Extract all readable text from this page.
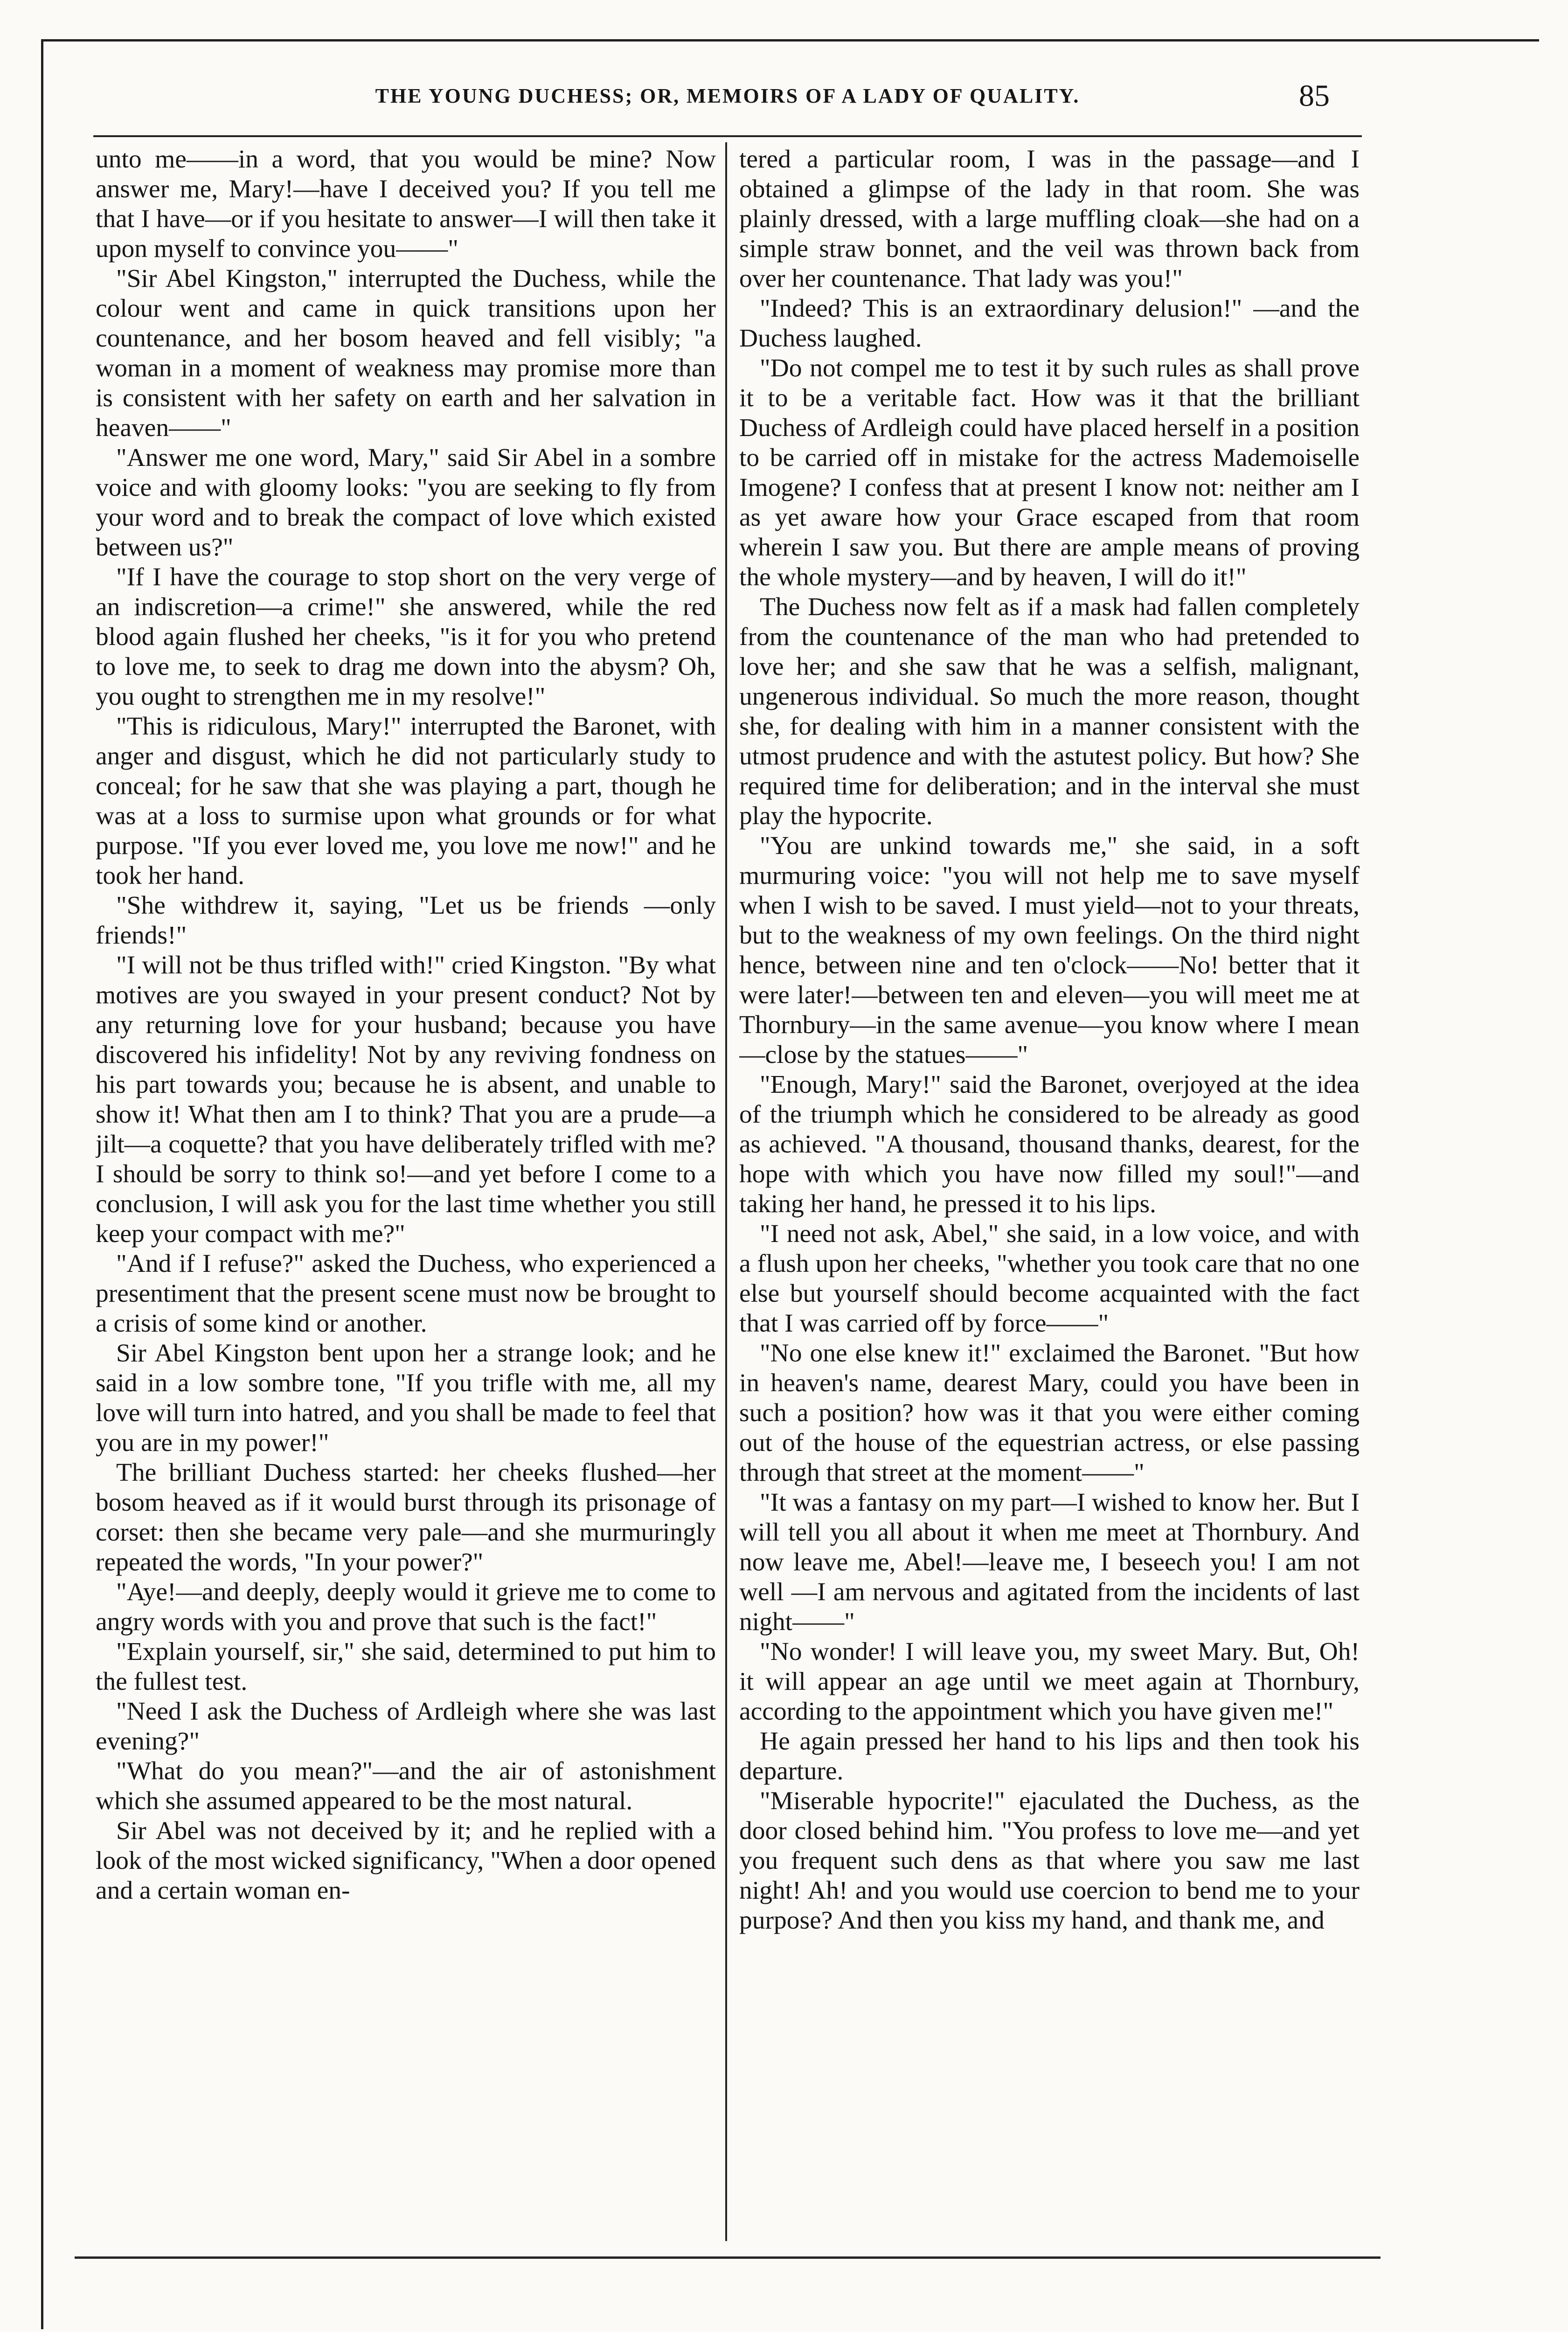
THE YOUNG DUCHESS; OR, MEMOIRS OF A LADY OF QUALITY.	85

unto me——in a word, that you would be mine? Now answer me, Mary!—have I deceived you? If you tell me that I have—or if you hesitate to answer—I will then take it upon myself to convince you——"

"Sir Abel Kingston," interrupted the Duchess, while the colour went and came in quick transitions upon her countenance, and her bosom heaved and fell visibly; "a woman in a moment of weakness may promise more than is consistent with her safety on earth and her salvation in heaven——"

"Answer me one word, Mary," said Sir Abel in a sombre voice and with gloomy looks: "you are seeking to fly from your word and to break the compact of love which existed between us?"

"If I have the courage to stop short on the very verge of an indiscretion—a crime!" she answered, while the red blood again flushed her cheeks, "is it for you who pretend to love me, to seek to drag me down into the abysm? Oh, you ought to strengthen me in my resolve!"

"This is ridiculous, Mary!" interrupted the Baronet, with anger and disgust, which he did not particularly study to conceal; for he saw that she was playing a part, though he was at a loss to surmise upon what grounds or for what purpose. "If you ever loved me, you love me now!" and he took her hand.

"She withdrew it, saying, "Let us be friends —only friends!"

"I will not be thus trifled with!" cried Kingston. "By what motives are you swayed in your present conduct? Not by any returning love for your husband; because you have discovered his infidelity! Not by any reviving fondness on his part towards you; because he is absent, and unable to show it! What then am I to think? That you are a prude—a jilt—a coquette? that you have deliberately trifled with me? I should be sorry to think so!—and yet before I come to a conclusion, I will ask you for the last time whether you still keep your compact with me?"

"And if I refuse?" asked the Duchess, who experienced a presentiment that the present scene must now be brought to a crisis of some kind or another.

Sir Abel Kingston bent upon her a strange look; and he said in a low sombre tone, "If you trifle with me, all my love will turn into hatred, and you shall be made to feel that you are in my power!"

The brilliant Duchess started: her cheeks flushed—her bosom heaved as if it would burst through its prisonage of corset: then she became very pale—and she murmuringly repeated the words, "In your power?"

"Aye!—and deeply, deeply would it grieve me to come to angry words with you and prove that such is the fact!"

"Explain yourself, sir," she said, determined to put him to the fullest test.

"Need I ask the Duchess of Ardleigh where she was last evening?"

"What do you mean?"—and the air of astonishment which she assumed appeared to be the most natural.

Sir Abel was not deceived by it; and he replied with a look of the most wicked significancy, "When a door opened and a certain woman en-

tered a particular room, I was in the passage—and I obtained a glimpse of the lady in that room. She was plainly dressed, with a large muffling cloak—she had on a simple straw bonnet, and the veil was thrown back from over her countenance. That lady was you!"

"Indeed? This is an extraordinary delusion!" —and the Duchess laughed.

"Do not compel me to test it by such rules as shall prove it to be a veritable fact. How was it that the brilliant Duchess of Ardleigh could have placed herself in a position to be carried off in mistake for the actress Mademoiselle Imogene? I confess that at present I know not: neither am I as yet aware how your Grace escaped from that room wherein I saw you. But there are ample means of proving the whole mystery—and by heaven, I will do it!"

The Duchess now felt as if a mask had fallen completely from the countenance of the man who had pretended to love her; and she saw that he was a selfish, malignant, ungenerous individual. So much the more reason, thought she, for dealing with him in a manner consistent with the utmost prudence and with the astutest policy. But how? She required time for deliberation; and in the interval she must play the hypocrite.

"You are unkind towards me," she said, in a soft murmuring voice: "you will not help me to save myself when I wish to be saved. I must yield—not to your threats, but to the weakness of my own feelings. On the third night hence, between nine and ten o'clock——No! better that it were later!—between ten and eleven—you will meet me at Thornbury—in the same avenue—you know where I mean—close by the statues——"

"Enough, Mary!" said the Baronet, overjoyed at the idea of the triumph which he considered to be already as good as achieved. "A thousand, thousand thanks, dearest, for the hope with which you have now filled my soul!"—and taking her hand, he pressed it to his lips.

"I need not ask, Abel," she said, in a low voice, and with a flush upon her cheeks, "whether you took care that no one else but yourself should become acquainted with the fact that I was carried off by force——"

"No one else knew it!" exclaimed the Baronet. "But how in heaven's name, dearest Mary, could you have been in such a position? how was it that you were either coming out of the house of the equestrian actress, or else passing through that street at the moment——"

"It was a fantasy on my part—I wished to know her. But I will tell you all about it when me meet at Thornbury. And now leave me, Abel!—leave me, I beseech you! I am not well —I am nervous and agitated from the incidents of last night——"

"No wonder! I will leave you, my sweet Mary. But, Oh! it will appear an age until we meet again at Thornbury, according to the appointment which you have given me!"

He again pressed her hand to his lips and then took his departure.

"Miserable hypocrite!" ejaculated the Duchess, as the door closed behind him. "You profess to love me—and yet you frequent such dens as that where you saw me last night! Ah! and you would use coercion to bend me to your purpose? And then you kiss my hand, and thank me, and
